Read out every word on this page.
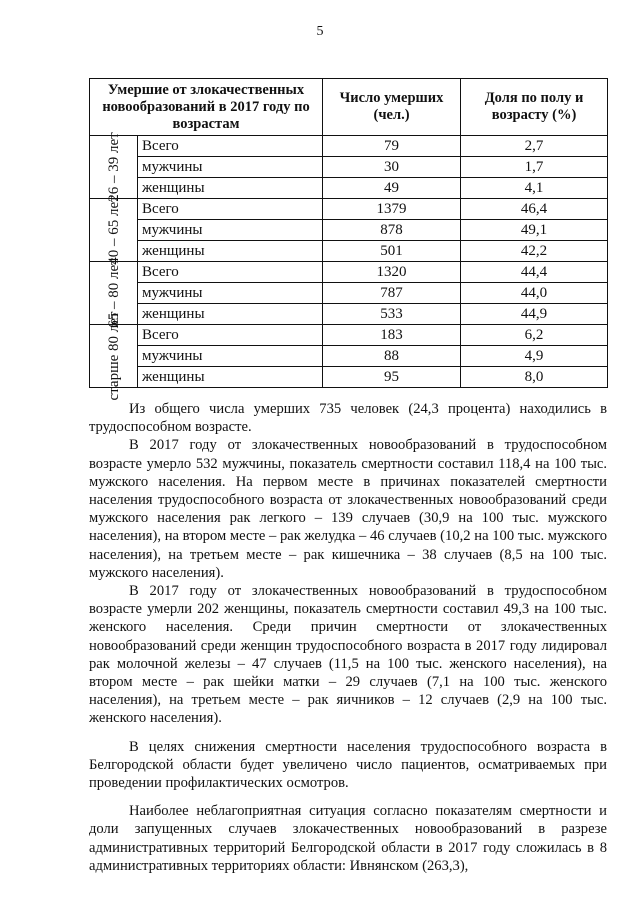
5
Умершие от злокачественных новообразований в 2017 году по возрастам		Число умерших (чел.)	Доля по полу и возрасту (%)

26 – 39 лет	Всего	79	2,7
	мужчины	30	1,7
	женщины	49	4,1

40 – 65 лет	Всего	1379	46,4
	мужчины	878	49,1
	женщины	501	42,2

65 – 80 лет	Всего	1320	44,4
	мужчины	787	44,0
	женщины	533	44,9

старше 80 лет	Всего	183	6,2
	мужчины	88	4,9
	женщины	95	8,0

Из общего числа умерших 735 человек (24,3 процента) находились в трудоспособном возрасте.

В 2017 году от злокачественных новообразований в трудоспособном возрасте умерло 532 мужчины, показатель смертности составил 118,4 на 100 тыс. мужского населения. На первом месте в причинах показателей смертности населения трудоспособного возраста от злокачественных новообразований среди мужского населения рак легкого – 139 случаев (30,9 на 100 тыс. мужского населения), на втором месте – рак желудка – 46 случаев (10,2 на 100 тыс. мужского населения), на третьем месте – рак кишечника – 38 случаев (8,5 на 100 тыс. мужского населения).

В 2017 году от злокачественных новообразований в трудоспособном возрасте умерли 202 женщины, показатель смертности составил 49,3 на 100 тыс. женского населения. Среди причин смертности от злокачественных новообразований среди женщин трудоспособного возраста в 2017 году лидировал рак молочной железы – 47 случаев (11,5 на 100 тыс. женского населения), на втором месте – рак шейки матки – 29 случаев (7,1 на 100 тыс. женского населения), на третьем месте – рак яичников – 12 случаев (2,9 на 100 тыс. женского населения).

В целях снижения смертности населения трудоспособного возраста в Белгородской области будет увеличено число пациентов, осматриваемых при проведении профилактических осмотров.

Наиболее неблагоприятная ситуация согласно показателям смертности и доли запущенных случаев злокачественных новообразований в разрезе административных территорий Белгородской области в 2017 году сложилась в 8 административных территориях области: Ивнянском (263,3),
